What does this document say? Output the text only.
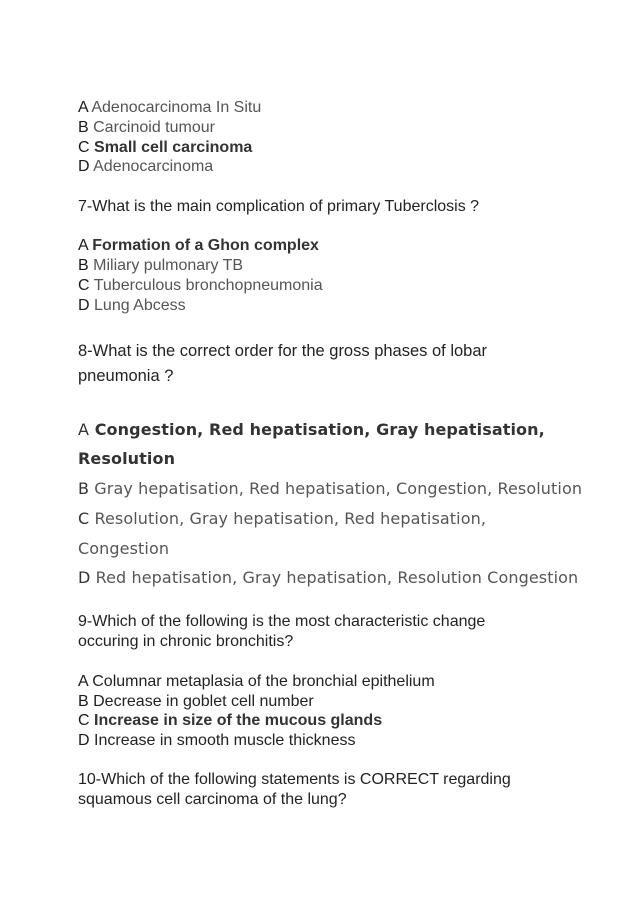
A Adenocarcinoma In Situ
B Carcinoid tumour
C Small cell carcinoma
D Adenocarcinoma
7-What is the main complication of primary Tuberclosis ?
A Formation of a Ghon complex
B Miliary pulmonary TB
C Tuberculous bronchopneumonia
D Lung Abcess
8-What is the correct order for the gross phases of lobar
pneumonia ?
A Congestion, Red hepatisation, Gray hepatisation,
Resolution
B Gray hepatisation, Red hepatisation, Congestion, Resolution
C Resolution, Gray hepatisation, Red hepatisation,
Congestion
D Red hepatisation, Gray hepatisation, Resolution Congestion
9-Which of the following is the most characteristic change
occuring in chronic bronchitis?
A Columnar metaplasia of the bronchial epithelium
B Decrease in goblet cell number
C Increase in size of the mucous glands
D Increase in smooth muscle thickness
10-Which of the following statements is CORRECT regarding
squamous cell carcinoma of the lung?
